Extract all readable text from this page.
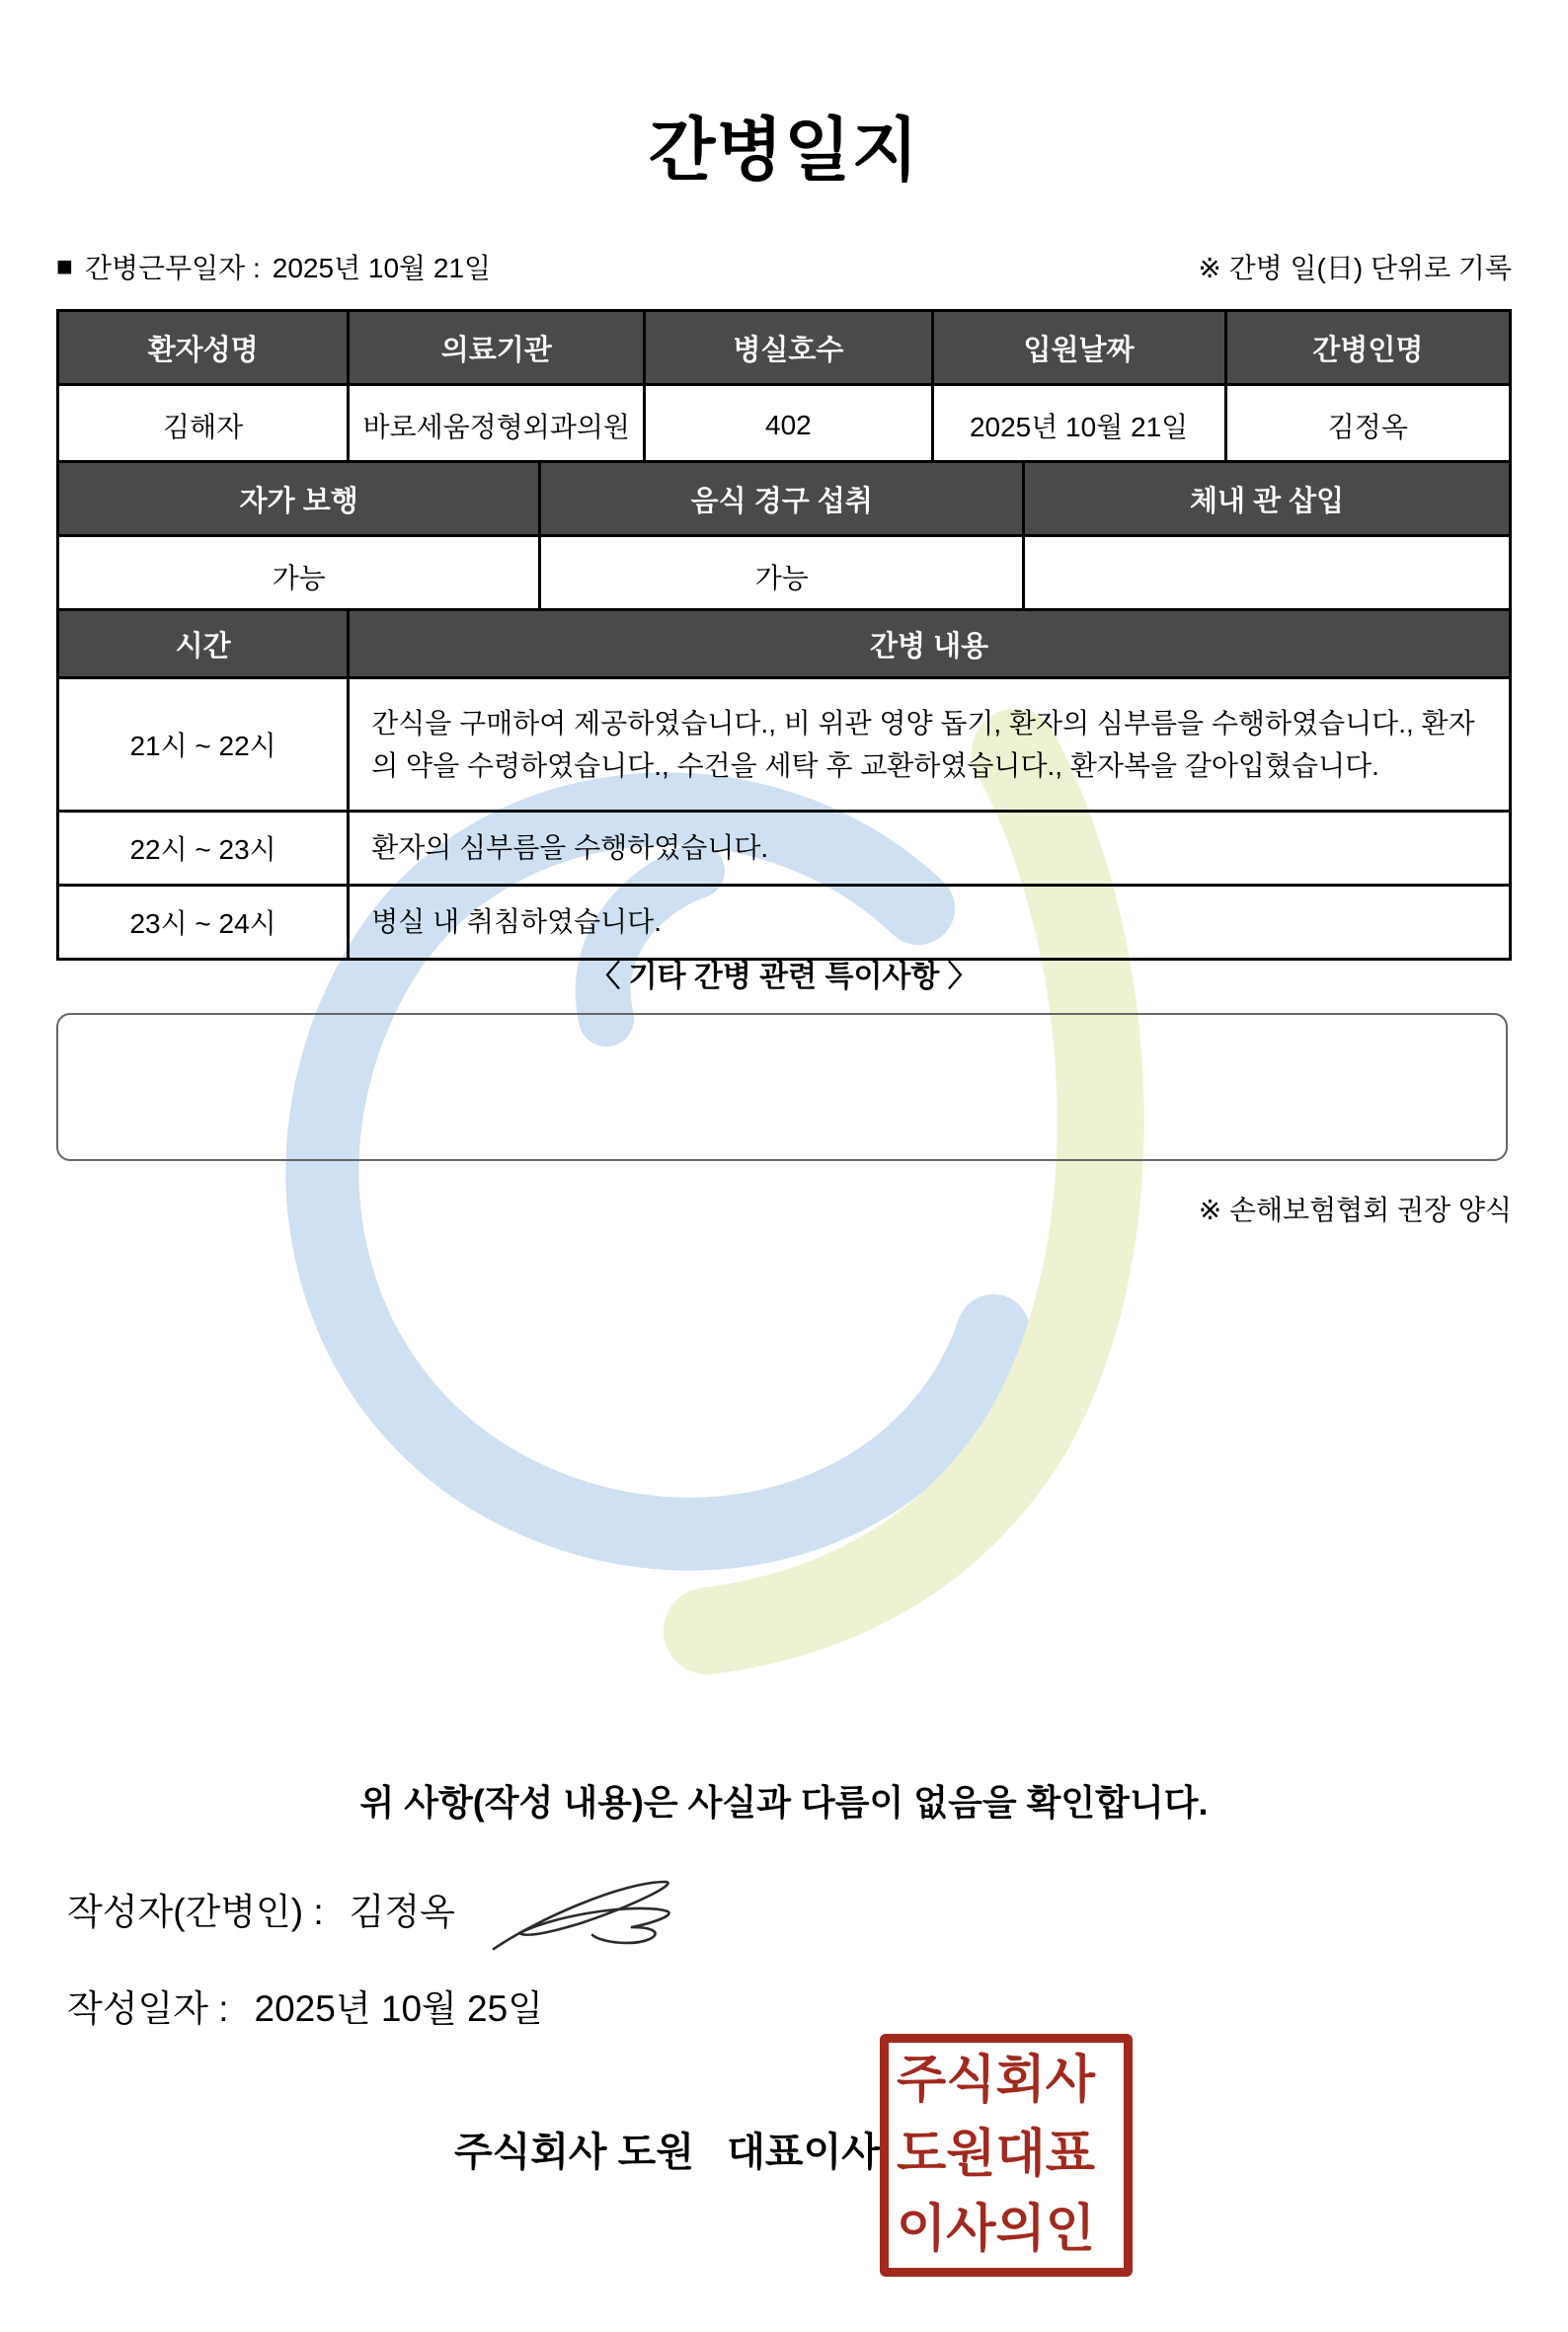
간병일지
■ 간병근무일자 : 2025년 10월 21일	※ 간병 일(日) 단위로 기록
환자성명	의료기관	병실호수	입원날짜	간병인명
김해자	바로세움정형외과의원	402	2025년 10월 21일	김정옥
자가 보행	음식 경구 섭취	체내 관 삽입
가능	가능	
시간	간병 내용
21시 ~ 22시	간식을 구매하여 제공하였습니다., 비 위관 영양 돕기, 환자의 심부름을 수행하였습니다., 환자의 약을 수령하였습니다., 수건을 세탁 후 교환하였습니다., 환자복을 갈아입혔습니다.
22시 ~ 23시	환자의 심부름을 수행하였습니다.
23시 ~ 24시	병실 내 취침하였습니다.
〈 기타 간병 관련 특이사항 〉
※ 손해보험협회 권장 양식
위 사항(작성 내용)은 사실과 다름이 없음을 확인합니다.
작성자(간병인) : 김정옥
작성일자 : 2025년 10월 25일
주식회사 도원   대표이사
주식회사
도원대표
이사의인
